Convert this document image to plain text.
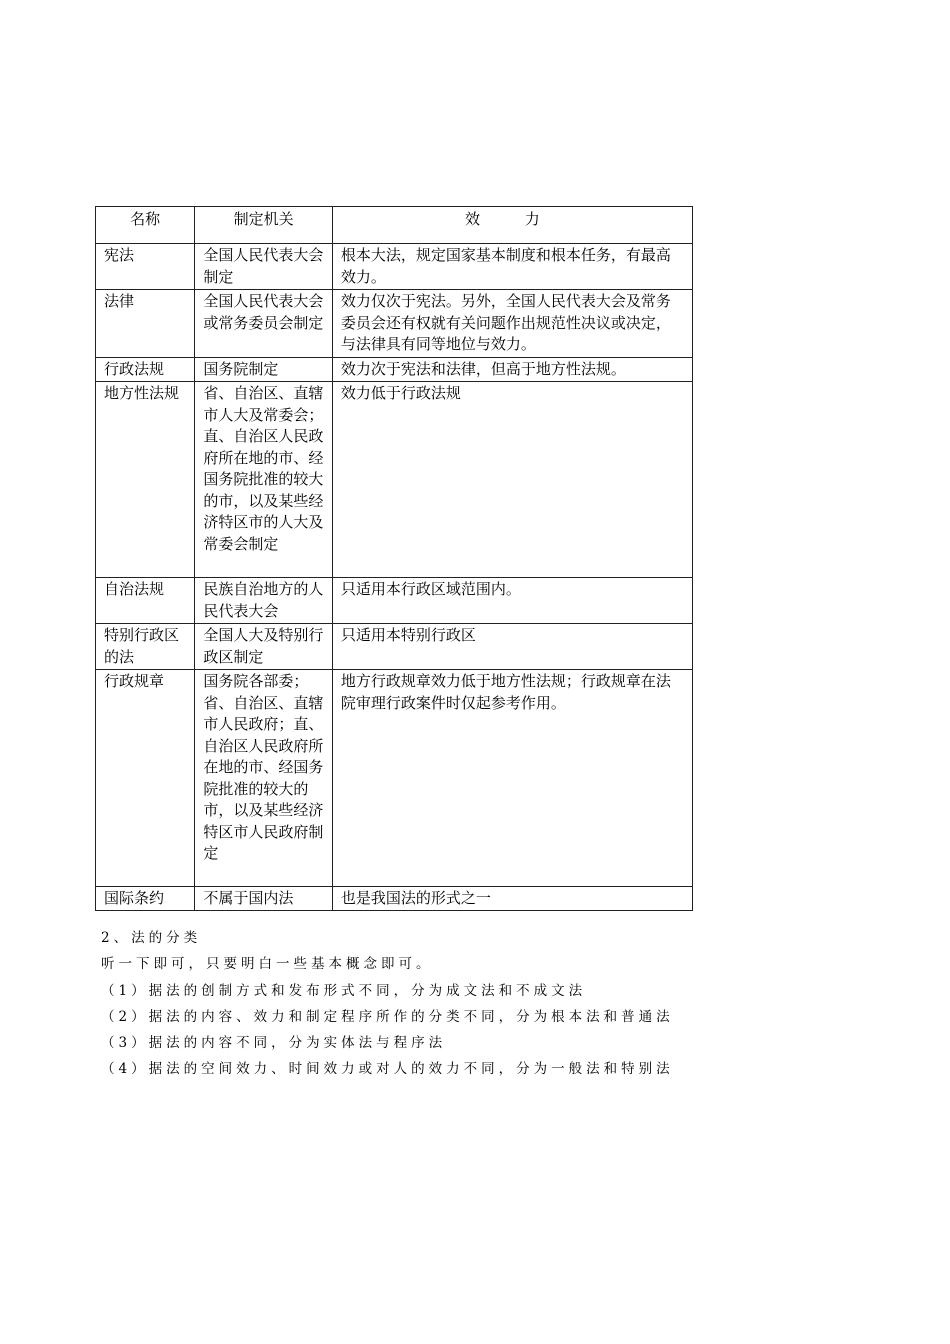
名称	制定机关	效 力
宪法	全国人民代表大会制定	根本大法，规定国家基本制度和根本任务，有最高效力。
法律	全国人民代表大会或常务委员会制定	效力仅次于宪法。另外，全国人民代表大会及常务委员会还有权就有关问题作出规范性决议或决定，与法律具有同等地位与效力。
行政法规	国务院制定	效力次于宪法和法律，但高于地方性法规。
地方性法规	省、自治区、直辖市人大及常委会；直、自治区人民政府所在地的市、经国务院批准的较大的市，以及某些经济特区市的人大及常委会制定	效力低于行政法规
自治法规	民族自治地方的人民代表大会	只适用本行政区域范围内。
特别行政区的法	全国人大及特别行政区制定	只适用本特别行政区
行政规章	国务院各部委；省、自治区、直辖市人民政府；直、自治区人民政府所在地的市、经国务院批准的较大的市，以及某些经济特区市人民政府制定	地方行政规章效力低于地方性法规；行政规章在法院审理行政案件时仅起参考作用。
国际条约	不属于国内法	也是我国法的形式之一

2、法的分类

听一下即可，只要明白一些基本概念即可。

（1）据法的创制方式和发布形式不同，分为成文法和不成文法

（2）据法的内容、效力和制定程序所作的分类不同，分为根本法和普通法

（3）据法的内容不同，分为实体法与程序法

（4）据法的空间效力、时间效力或对人的效力不同，分为一般法和特别法
